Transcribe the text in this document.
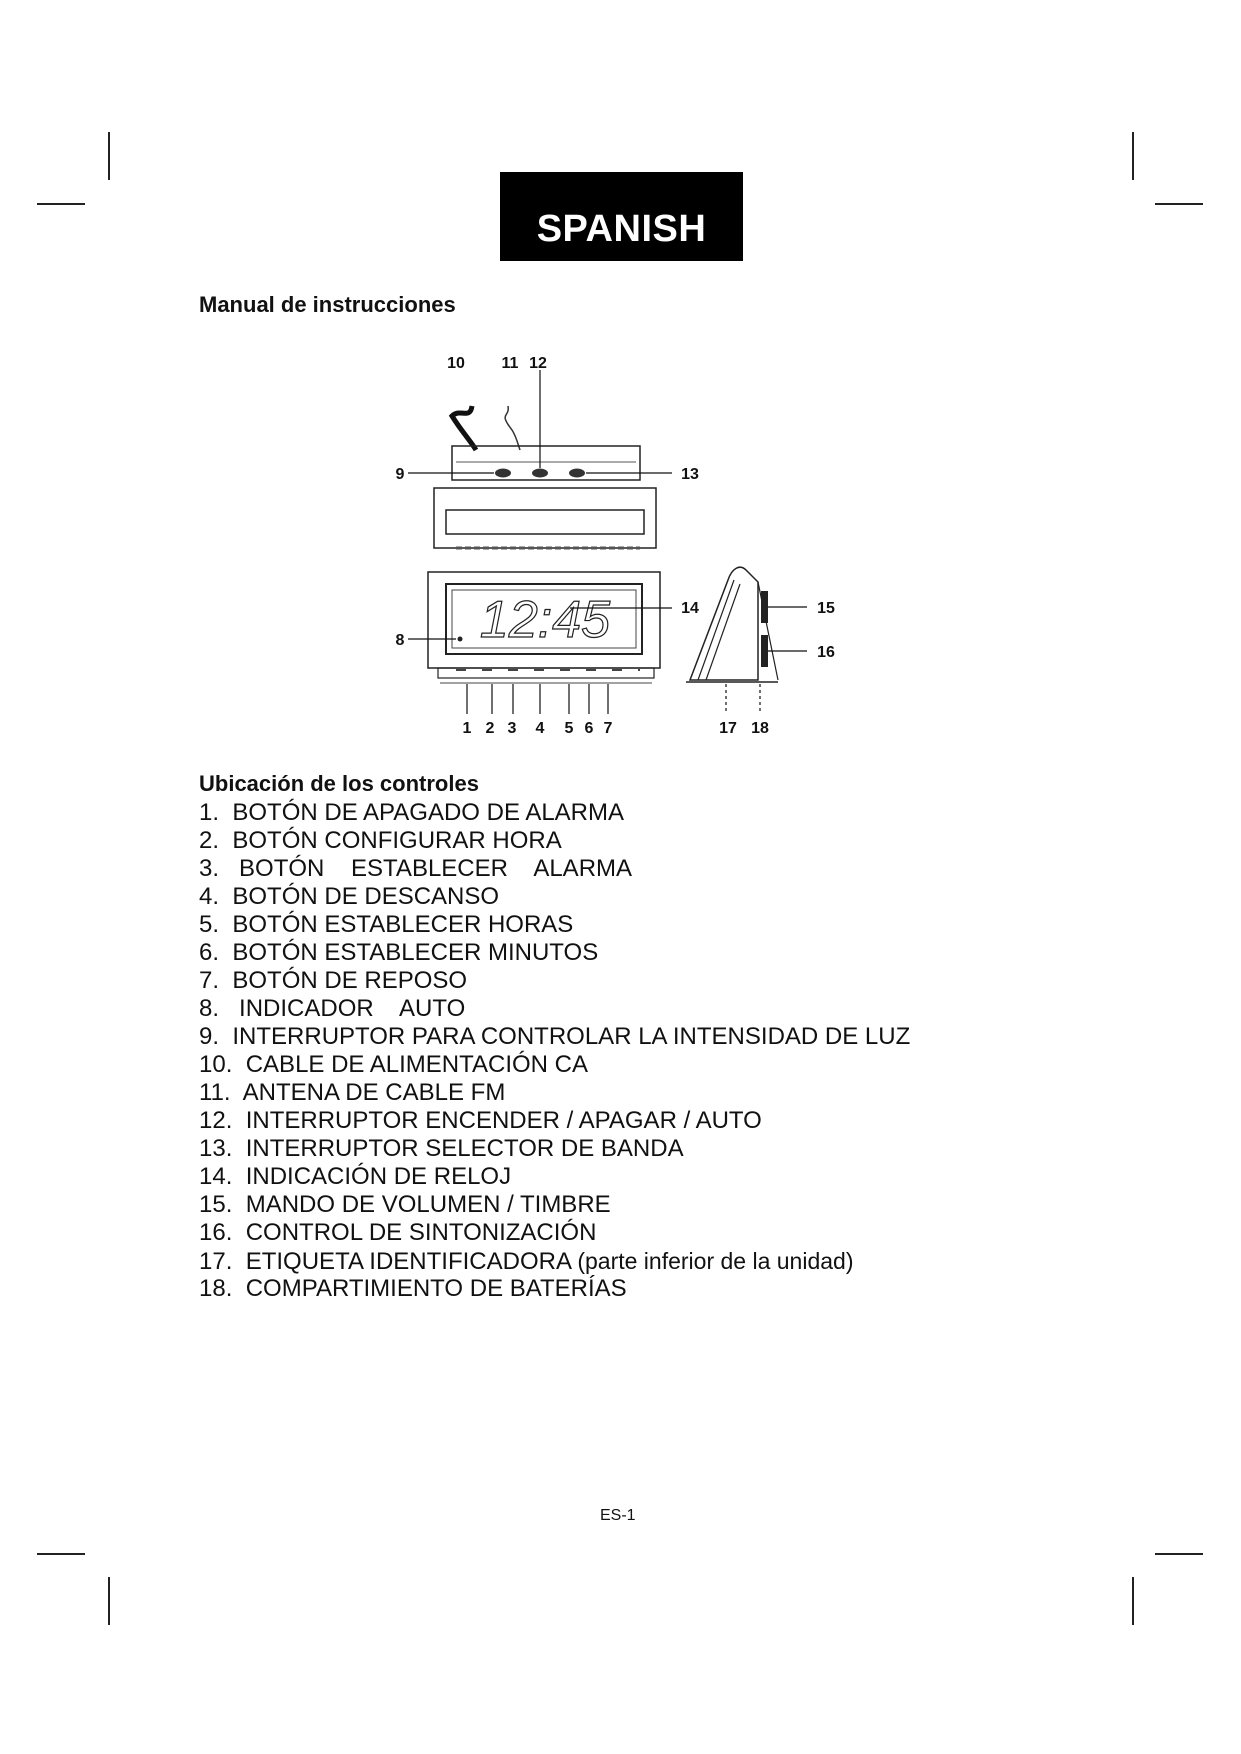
SPANISH
Manual de instrucciones
12:45
10 11 12
9	13
14
8
15
16
1 2 3 4 5 6 7	17 18
Ubicación de los controles
1. BOTÓN DE APAGADO DE ALARMA
2. BOTÓN CONFIGURAR HORA
3. BOTÓN    ESTABLECER    ALARMA
4. BOTÓN DE DESCANSO
5. BOTÓN ESTABLECER HORAS
6. BOTÓN ESTABLECER MINUTOS
7. BOTÓN DE REPOSO
8. INDICADOR    AUTO
9. INTERRUPTOR PARA CONTROLAR LA INTENSIDAD DE LUZ
10. CABLE DE ALIMENTACIÓN CA
11. ANTENA DE CABLE FM
12. INTERRUPTOR ENCENDER / APAGAR / AUTO
13. INTERRUPTOR SELECTOR DE BANDA
14. INDICACIÓN DE RELOJ
15. MANDO DE VOLUMEN / TIMBRE
16. CONTROL DE SINTONIZACIÓN
17. ETIQUETA IDENTIFICADORA (parte inferior de la unidad)
18. COMPARTIMIENTO DE BATERÍAS
ES-1
